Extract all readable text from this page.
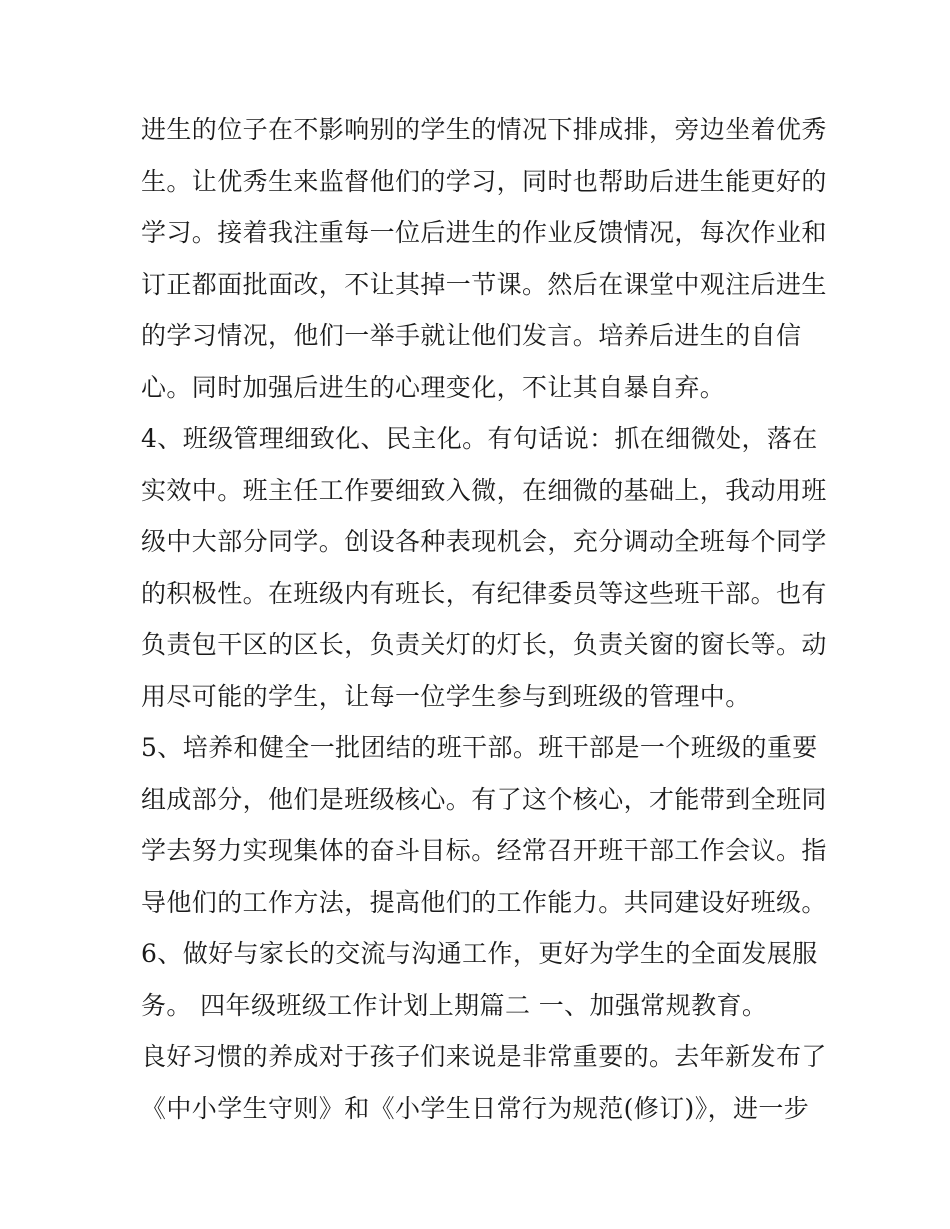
进生的位子在不影响别的学生的情况下排成排，旁边坐着优秀
生。让优秀生来监督他们的学习，同时也帮助后进生能更好的
学习。接着我注重每一位后进生的作业反馈情况，每次作业和
订正都面批面改，不让其掉一节课。然后在课堂中观注后进生
的学习情况，他们一举手就让他们发言。培养后进生的自信
心。同时加强后进生的心理变化，不让其自暴自弃。
4、班级管理细致化、民主化。有句话说：抓在细微处，落在
实效中。班主任工作要细致入微，在细微的基础上，我动用班
级中大部分同学。创设各种表现机会，充分调动全班每个同学
的积极性。在班级内有班长，有纪律委员等这些班干部。也有
负责包干区的区长，负责关灯的灯长，负责关窗的窗长等。动
用尽可能的学生，让每一位学生参与到班级的管理中。
5、培养和健全一批团结的班干部。班干部是一个班级的重要
组成部分，他们是班级核心。有了这个核心，才能带到全班同
学去努力实现集体的奋斗目标。经常召开班干部工作会议。指
导他们的工作方法，提高他们的工作能力。共同建设好班级。
6、做好与家长的交流与沟通工作，更好为学生的全面发展服
务。 四年级班级工作计划上期篇二 一、加强常规教育。
良好习惯的养成对于孩子们来说是非常重要的。去年新发布了
《中小学生守则》和《小学生日常行为规范(修订)》，进一步
